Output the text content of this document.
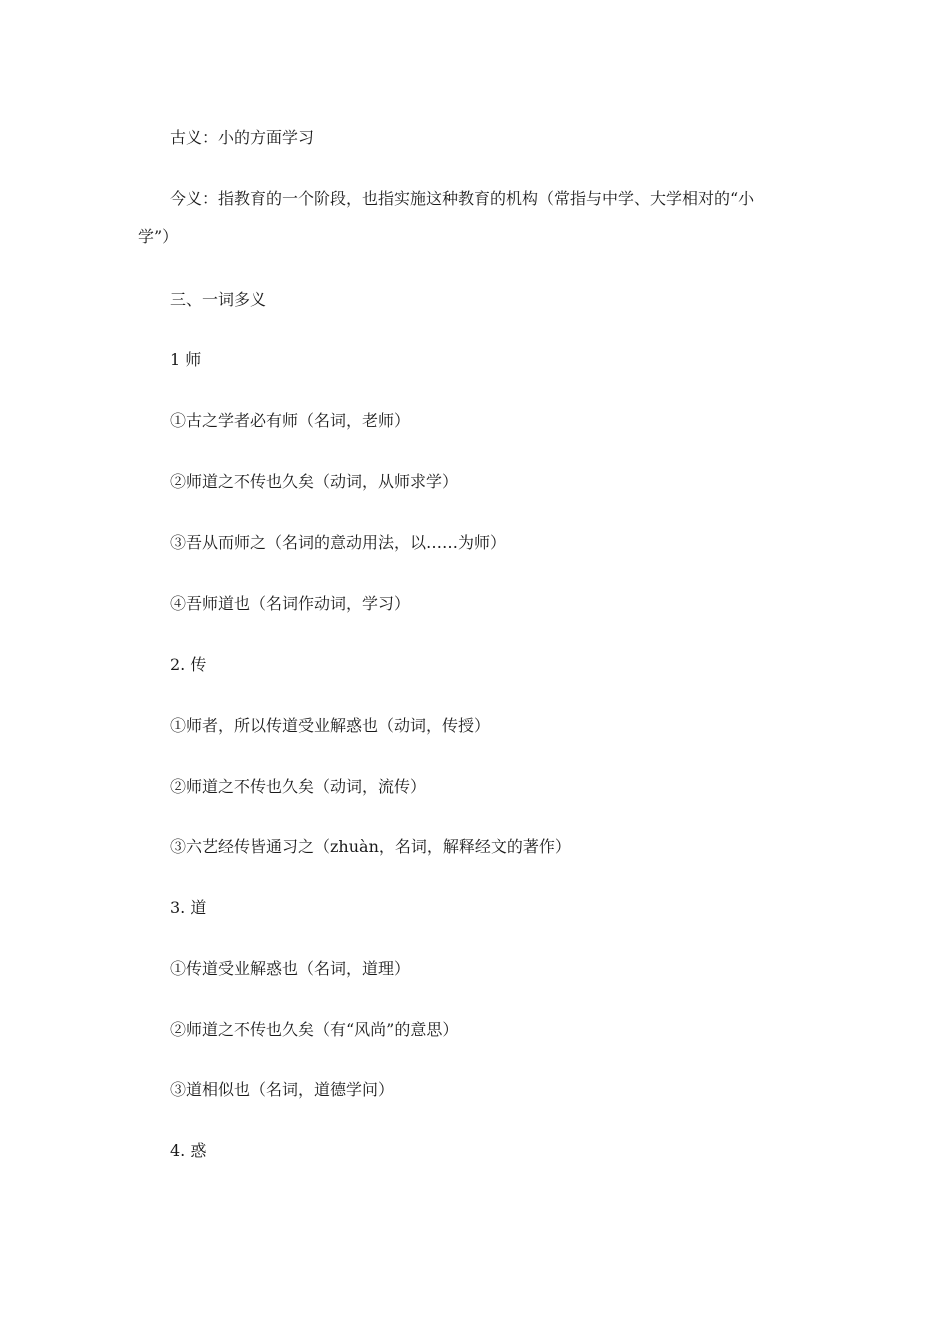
古义：小的方面学习

今义：指教育的一个阶段，也指实施这种教育的机构（常指与中学、大学相对的“小
学”）

三、一词多义

1 师

①古之学者必有师（名词，老师）

②师道之不传也久矣（动词，从师求学）

③吾从而师之（名词的意动用法，以……为师）

④吾师道也（名词作动词，学习）

2. 传

①师者，所以传道受业解惑也（动词，传授）

②师道之不传也久矣（动词，流传）

③六艺经传皆通习之（zhuàn，名词，解释经文的著作）

3. 道

①传道受业解惑也（名词，道理）

②师道之不传也久矣（有“风尚”的意思）

③道相似也（名词，道德学问）

4. 惑
